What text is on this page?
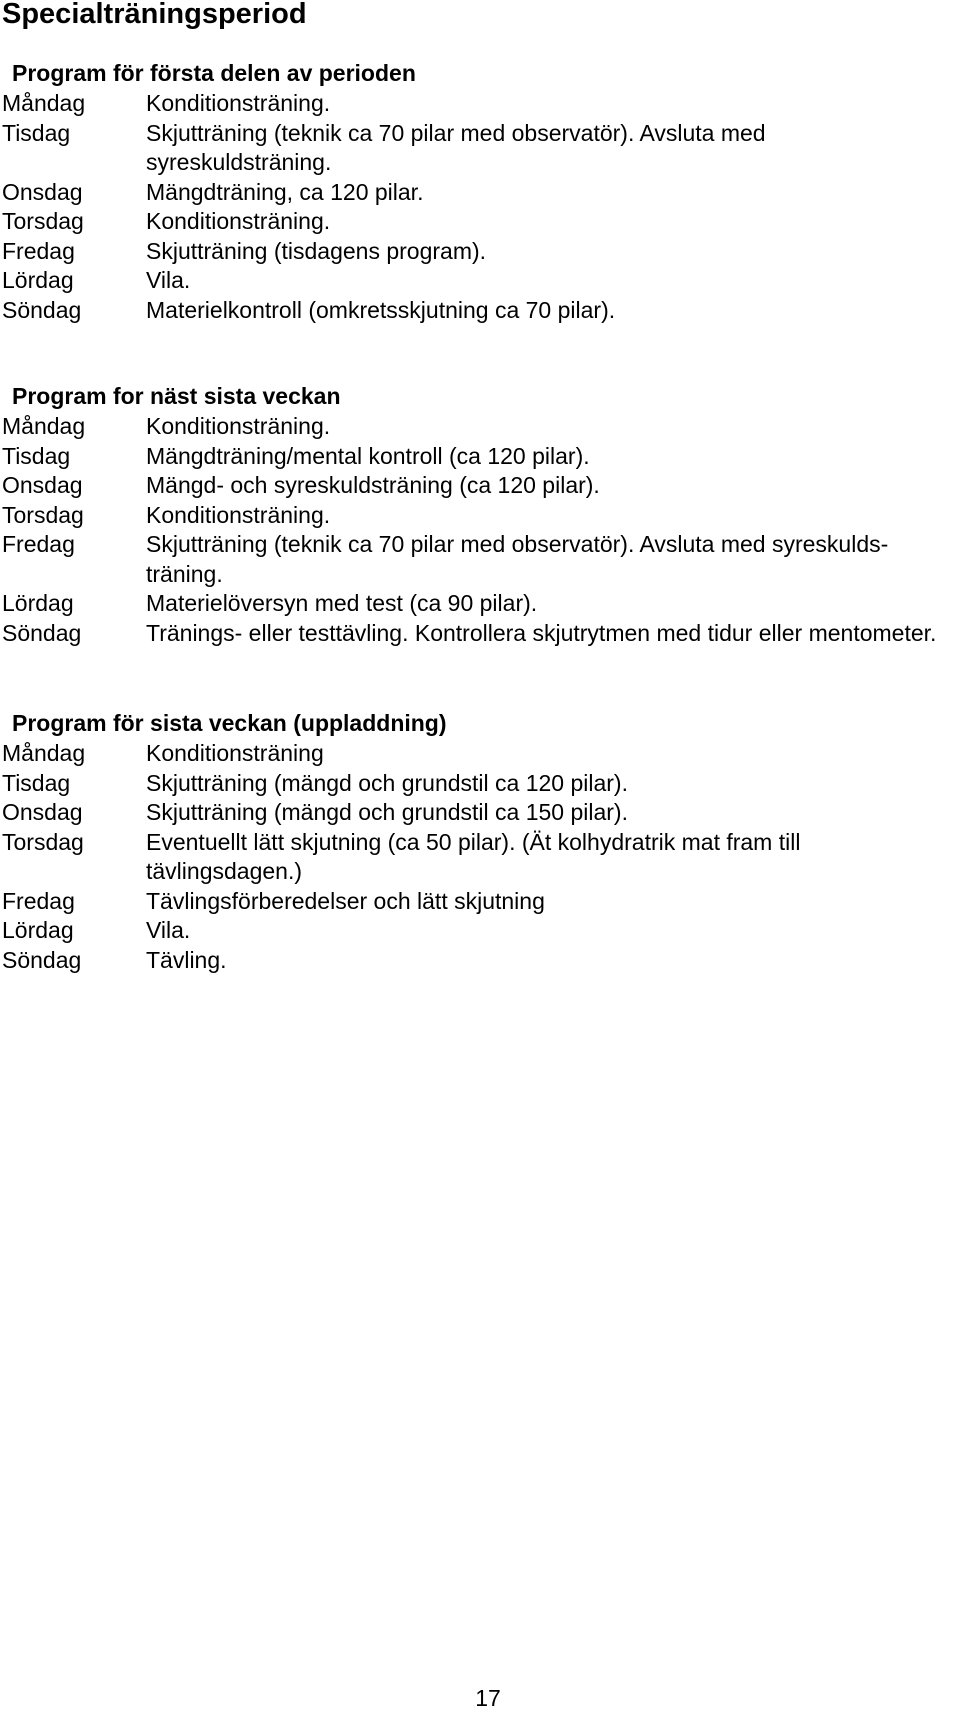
Specialträningsperiod
Program för första delen av perioden
Måndag	Konditionsträning.
Tisdag	Skjutträning (teknik ca 70 pilar med observatör). Avsluta med syreskuldsträning.
Onsdag	Mängdträning, ca 120 pilar.
Torsdag	Konditionsträning.
Fredag	Skjutträning (tisdagens program).
Lördag	Vila.
Söndag	Materielkontroll (omkretsskjutning ca 70 pilar).
Program for näst sista veckan
Måndag	Konditionsträning.
Tisdag	Mängdträning/mental kontroll (ca 120 pilar).
Onsdag	Mängd- och syreskuldsträning (ca 120 pilar).
Torsdag	Konditionsträning.
Fredag	Skjutträning (teknik ca 70 pilar med observatör). Avsluta med syreskulds-träning.
Lördag	Materielöversyn med test (ca 90 pilar).
Söndag	Tränings- eller testtävling. Kontrollera skjutrytmen med tidur eller mentometer.
Program för sista veckan (uppladdning)
Måndag	Konditionsträning
Tisdag	Skjutträning (mängd och grundstil ca 120 pilar).
Onsdag	Skjutträning (mängd och grundstil ca 150 pilar).
Torsdag	Eventuellt lätt skjutning (ca 50 pilar). (Ät kolhydratrik mat fram till tävlingsdagen.)
Fredag	Tävlingsförberedelser och lätt skjutning
Lördag	Vila.
Söndag	Tävling.
17
